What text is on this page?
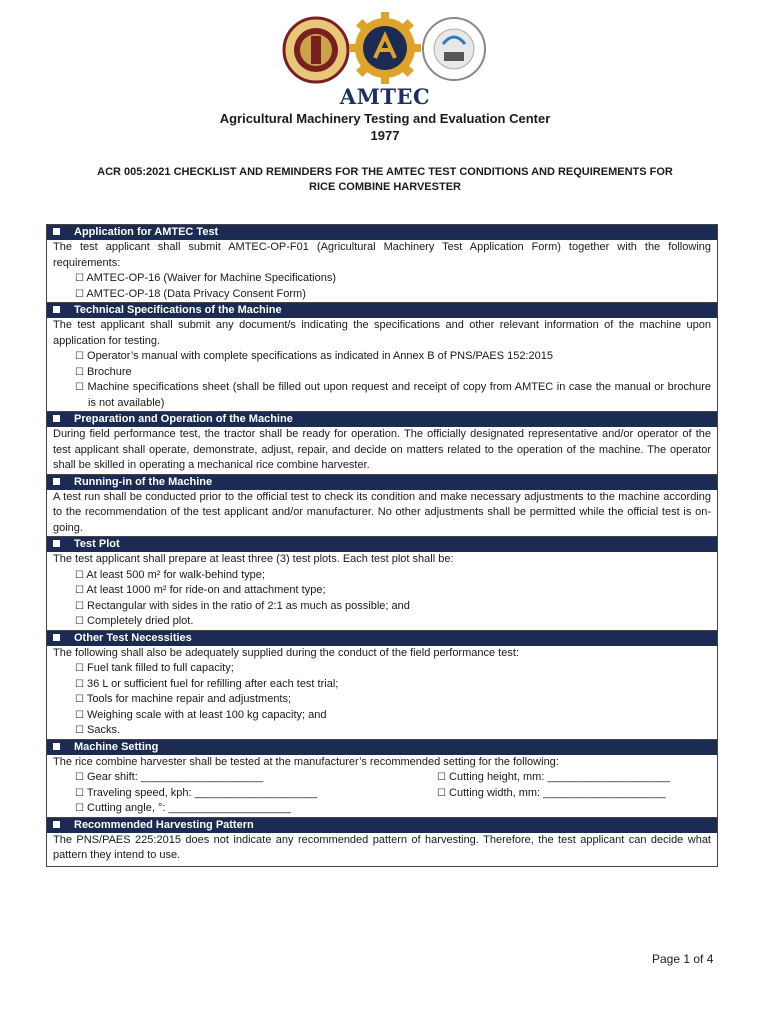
AMTEC
Agricultural Machinery Testing and Evaluation Center
1977
ACR 005:2021 CHECKLIST AND REMINDERS FOR THE AMTEC TEST CONDITIONS AND REQUIREMENTS FOR
RICE COMBINE HARVESTER
Application for AMTEC Test
The test applicant shall submit AMTEC-OP-F01 (Agricultural Machinery Test Application Form) together with the following requirements:
☐ AMTEC-OP-16 (Waiver for Machine Specifications)
☐ AMTEC-OP-18 (Data Privacy Consent Form)
Technical Specifications of the Machine
The test applicant shall submit any document/s indicating the specifications and other relevant information of the machine upon application for testing.
☐ Operator’s manual with complete specifications as indicated in Annex B of PNS/PAES 152:2015
☐ Brochure
☐ Machine specifications sheet (shall be filled out upon request and receipt of copy from AMTEC in case the manual or brochure is not available)
Preparation and Operation of the Machine
During field performance test, the tractor shall be ready for operation. The officially designated representative and/or operator of the test applicant shall operate, demonstrate, adjust, repair, and decide on matters related to the operation of the machine. The operator shall be skilled in operating a mechanical rice combine harvester.
Running-in of the Machine
A test run shall be conducted prior to the official test to check its condition and make necessary adjustments to the machine according to the recommendation of the test applicant and/or manufacturer. No other adjustments shall be permitted while the official test is on-going.
Test Plot
The test applicant shall prepare at least three (3) test plots. Each test plot shall be:
☐ At least 500 m² for walk-behind type;
☐ At least 1000 m² for ride-on and attachment type;
☐ Rectangular with sides in the ratio of 2:1 as much as possible; and
☐ Completely dried plot.
Other Test Necessities
The following shall also be adequately supplied during the conduct of the field performance test:
☐ Fuel tank filled to full capacity;
☐ 36 L or sufficient fuel for refilling after each test trial;
☐ Tools for machine repair and adjustments;
☐ Weighing scale with at least 100 kg capacity; and
☐ Sacks.
Machine Setting
The rice combine harvester shall be tested at the manufacturer’s recommended setting for the following:
☐ Gear shift: ____________________	☐ Cutting height, mm: ____________________
☐ Traveling speed, kph: ____________________	☐ Cutting width, mm: ____________________
☐ Cutting angle, °: ____________________
Recommended Harvesting Pattern
The PNS/PAES 225:2015 does not indicate any recommended pattern of harvesting. Therefore, the test applicant can decide what pattern they intend to use.
Page 1 of 4
